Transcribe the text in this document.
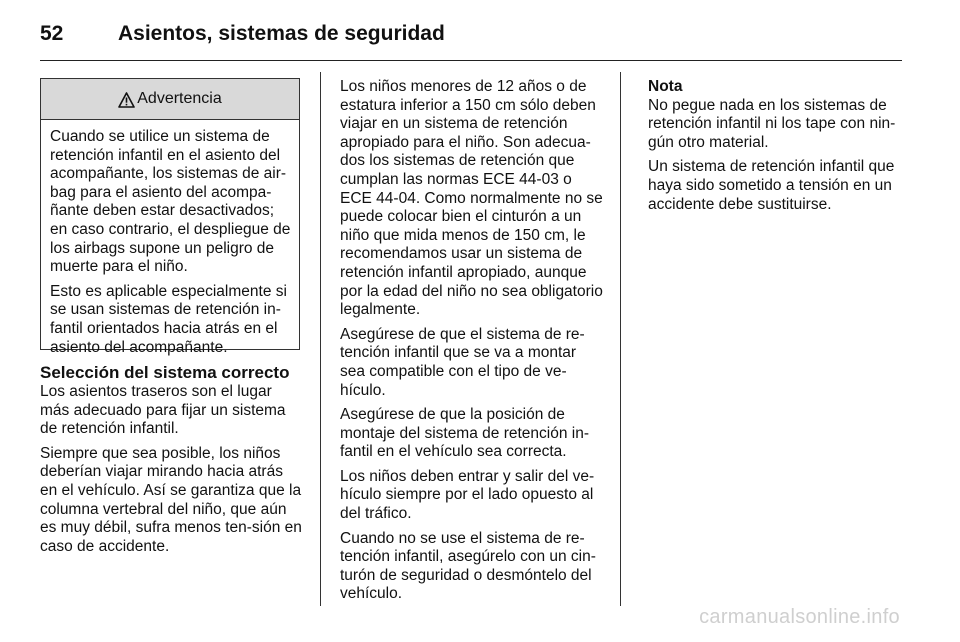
52	Asientos, sistemas de seguridad
Advertencia

Cuando se utilice un sistema de retención infantil en el asiento del acompañante, los sistemas de air-bag para el asiento del acompa-ñante deben estar desactivados; en caso contrario, el despliegue de los airbags supone un peligro de muerte para el niño.

Esto es aplicable especialmente si se usan sistemas de retención in-fantil orientados hacia atrás en el asiento del acompañante.

Selección del sistema correcto

Los asientos traseros son el lugar más adecuado para fijar un sistema de retención infantil.

Siempre que sea posible, los niños deberían viajar mirando hacia atrás en el vehículo. Así se garantiza que la columna vertebral del niño, que aún es muy débil, sufra menos ten-sión en caso de accidente.

Los niños menores de 12 años o de estatura inferior a 150 cm sólo deben viajar en un sistema de retención apropiado para el niño. Son adecua-dos los sistemas de retención que cumplan las normas ECE 44-03 o ECE 44-04. Como normalmente no se puede colocar bien el cinturón a un niño que mida menos de 150 cm, le recomendamos usar un sistema de retención infantil apropiado, aunque por la edad del niño no sea obligatorio legalmente.

Asegúrese de que el sistema de re-tención infantil que se va a montar sea compatible con el tipo de ve-hículo.

Asegúrese de que la posición de montaje del sistema de retención in-fantil en el vehículo sea correcta.

Los niños deben entrar y salir del ve-hículo siempre por el lado opuesto al del tráfico.

Cuando no se use el sistema de re-tención infantil, asegúrelo con un cin-turón de seguridad o desmóntelo del vehículo.

Nota

No pegue nada en los sistemas de retención infantil ni los tape con nin-gún otro material.

Un sistema de retención infantil que haya sido sometido a tensión en un accidente debe sustituirse.

carmanualsonline.info
